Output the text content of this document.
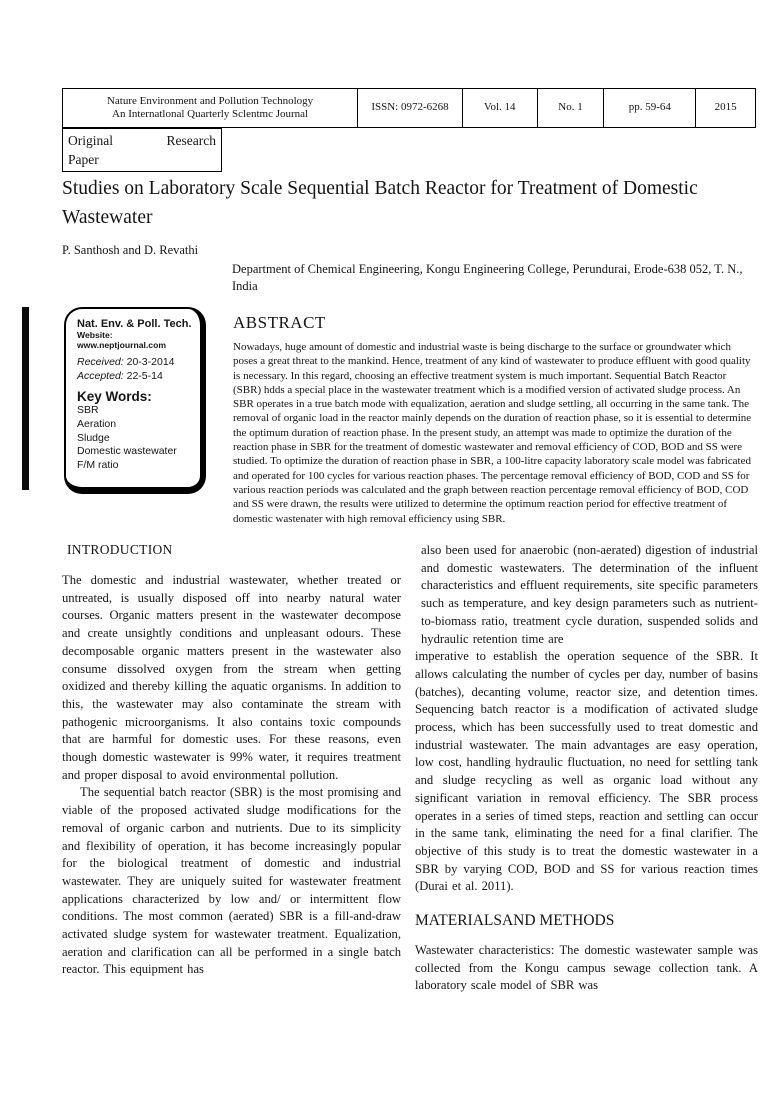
Nature Environment and Pollution Technology
An Internatlonal Quarterly Sclentmc Journal
ISSN: 0972-6268	Vol. 14	No. 1	pp. 59-64	2015
Original	Research
Paper
Studies on Laboratory Scale Sequential Batch Reactor for Treatment of Domestic Wastewater
P. Santhosh and D. Revathi
Department of Chemical Engineering, Kongu Engineering College, Perundurai, Erode-638 052, T. N., India
Nat. Env. & Poll. Tech.
Website: www.neptjournal.com
Received: 20-3-2014
Accepted: 22-5-14
Key Words:
SBR
Aeration
Sludge
Domestic wastewater
F/M ratio
ABSTRACT
Nowadays, huge amount of domestic and industrial waste is being discharge to the surface or groundwater which poses a great threat to the mankind. Hence, treatment of any kind of wastewater to produce effluent with good quality is necessary. In this regard, choosing an effective treatment system is much important. Sequential Batch Reactor (SBR) hdds a special place in the wastewater treatment which is a modified version of activated sludge process. An SBR operates in a true batch mode with equalization, aeration and sludge settling, all occurring in the same tank. The removal of organic load in the reactor mainly depends on the duration of reaction phase, so it is essential to determine the optimum duration of reaction phase. In the present study, an attempt was made to optimize the duration of the reaction phase in SBR for the treatment of domestic wastewater and removal efficiency of COD, BOD and SS were studied. To optimize the duration of reaction phase in SBR, a 100-litre capacity laboratory scale model was fabricated and operated for 100 cycles for various reaction phases. The percentage removal efficiency of BOD, COD and SS for various reaction periods was calculated and the graph between reaction percentage removal efficiency of BOD, COD and SS were drawn, the results were utilized to determine the optimum reaction period for effective treatment of domestic wastenater with high removal efficiency using SBR.
INTRODUCTION

The domestic and industrial wastewater, whether treated or untreated, is usually disposed off into nearby natural water courses. Organic matters present in the wastewater decompose and create unsightly conditions and unpleasant odours. These decomposable organic matters present in the wastewater also consume dissolved oxygen from the stream when getting oxidized and thereby killing the aquatic organisms. In addition to this, the wastewater may also contaminate the stream with pathogenic microorganisms. It also contains toxic compounds that are harmful for domestic uses. For these reasons, even though domestic wastewater is 99% water, it requires treatment and proper disposal to avoid environmental pollution.

The sequential batch reactor (SBR) is the most promising and viable of the proposed activated sludge modifications for the removal of organic carbon and nutrients. Due to its simplicity and flexibility of operation, it has become increasingly popular for the biological treatment of domestic and industrial wastewater. They are uniquely suited for wastewater freatment applications characterized by low and/ or intermittent flow conditions. The most common (aerated) SBR is a fill-and-draw activated sludge system for wastewater treatment. Equalization, aeration and clarification can all be performed in a single batch reactor. This equipment has

also been used for anaerobic (non-aerated) digestion of industrial and domestic wastewaters. The determination of the influent characteristics and effluent requirements, site specific parameters such as temperature, and key design parameters such as nutrient-to-biomass ratio, treatment cycle duration, suspended solids and hydraulic retention time are

imperative to establish the operation sequence of the SBR. It allows calculating the number of cycles per day, number of basins (batches), decanting volume, reactor size, and detention times. Sequencing batch reactor is a modification of activated sludge process, which has been successfully used to treat domestic and industrial wastewater. The main advantages are easy operation, low cost, handling hydraulic fluctuation, no need for settling tank and sludge recycling as well as organic load without any significant variation in removal efficiency. The SBR process operates in a series of timed steps, reaction and settling can occur in the same tank, eliminating the need for a final clarifier. The objective of this study is to treat the domestic wastewater in a SBR by varying COD, BOD and SS for various reaction times (Durai et al. 2011).

MATERIALSAND METHODS

Wastewater characteristics: The domestic wastewater sample was collected from the Kongu campus sewage collection tank. A laboratory scale model of SBR was
